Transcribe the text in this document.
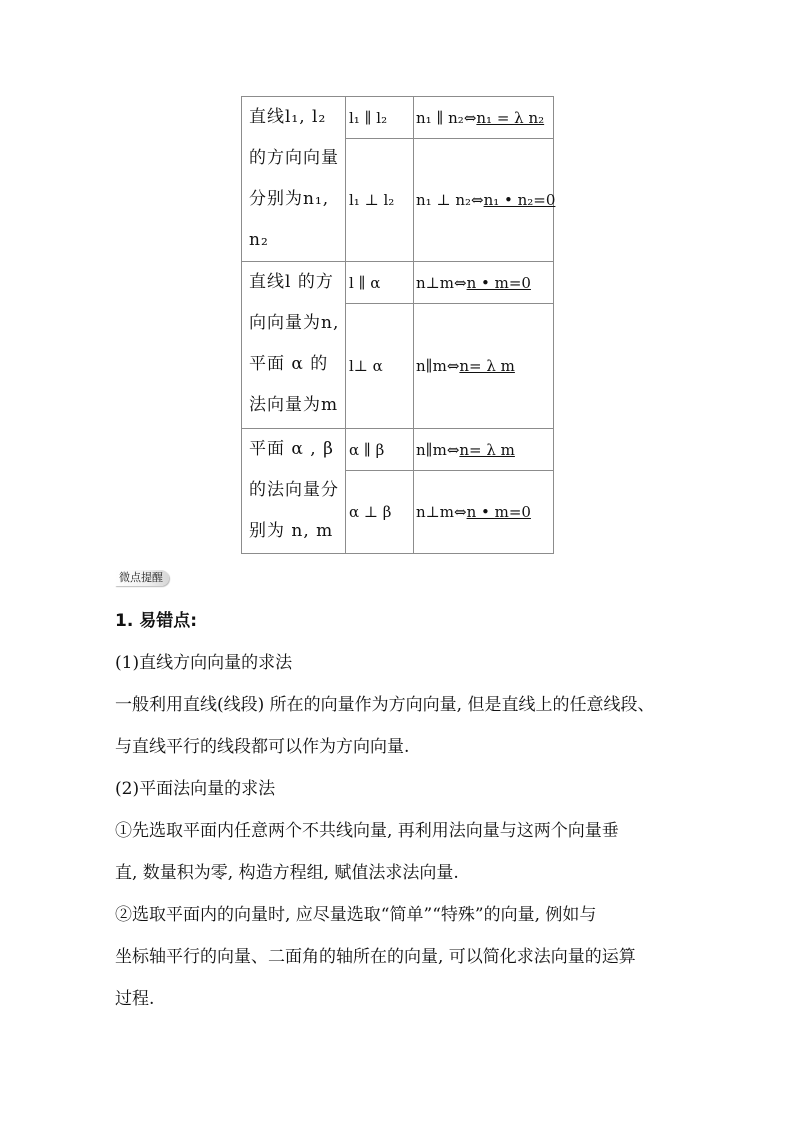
直线l₁, l₂的方向向量分别为n₁, n₂	l₁ ∥ l₂	n₁ ∥ n₂⇔n₁ = λ n₂
	l₁ ⊥ l₂	n₁ ⊥ n₂⇔n₁ • n₂=0
直线l 的方向向量为n, 平面 α 的法向量为m	l ∥ α	n⊥m⇔n • m=0
	l⊥ α	n∥m⇔n= λ m
平面 α , β 的法向量分别为 n, m	α ∥ β	n∥m⇔n= λ m
	α ⊥ β	n⊥m⇔n • m=0
微点提醒
1. 易错点:
(1)直线方向向量的求法
一般利用直线(线段) 所在的向量作为方向向量, 但是直线上的任意线段、
与直线平行的线段都可以作为方向向量.
(2)平面法向量的求法
①先选取平面内任意两个不共线向量, 再利用法向量与这两个向量垂
直, 数量积为零, 构造方程组, 赋值法求法向量.
②选取平面内的向量时, 应尽量选取“简单”“特殊”的向量, 例如与
坐标轴平行的向量、二面角的轴所在的向量, 可以简化求法向量的运算
过程.
